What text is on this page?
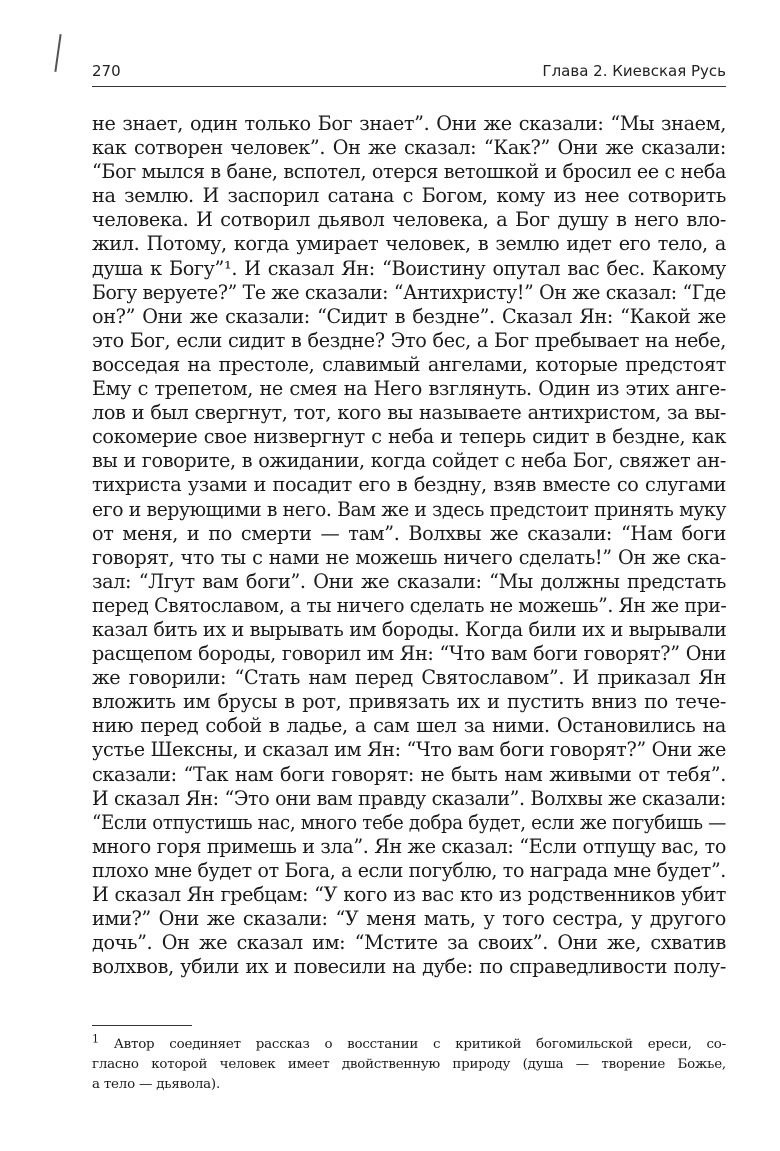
270	Глава 2. Киевская Русь
не знает, один только Бог знает”. Они же сказали: “Мы знаем,
как сотворен человек”. Он же сказал: “Как?” Они же сказали:
“Бог мылся в бане, вспотел, отерся ветошкой и бросил ее с неба
на землю. И заспорил сатана с Богом, кому из нее сотворить
человека. И сотворил дьявол человека, а Бог душу в него вло-
жил. Потому, когда умирает человек, в землю идет его тело, а
душа к Богу”¹. И сказал Ян: “Воистину опутал вас бес. Какому
Богу веруете?” Те же сказали: “Антихристу!” Он же сказал: “Где
он?” Они же сказали: “Сидит в бездне”. Сказал Ян: “Какой же
это Бог, если сидит в бездне? Это бес, а Бог пребывает на небе,
восседая на престоле, славимый ангелами, которые предстоят
Ему с трепетом, не смея на Него взглянуть. Один из этих анге-
лов и был свергнут, тот, кого вы называете антихристом, за вы-
сокомерие свое низвергнут с неба и теперь сидит в бездне, как
вы и говорите, в ожидании, когда сойдет с неба Бог, свяжет ан-
тихриста узами и посадит его в бездну, взяв вместе со слугами
его и верующими в него. Вам же и здесь предстоит принять муку
от меня, и по смерти — там”. Волхвы же сказали: “Нам боги
говорят, что ты с нами не можешь ничего сделать!” Он же ска-
зал: “Лгут вам боги”. Они же сказали: “Мы должны предстать
перед Святославом, а ты ничего сделать не можешь”. Ян же при-
казал бить их и вырывать им бороды. Когда били их и вырывали
расщепом бороды, говорил им Ян: “Что вам боги говорят?” Они
же говорили: “Стать нам перед Святославом”. И приказал Ян
вложить им брусы в рот, привязать их и пустить вниз по тече-
нию перед собой в ладье, а сам шел за ними. Остановились на
устье Шексны, и сказал им Ян: “Что вам боги говорят?” Они же
сказали: “Так нам боги говорят: не быть нам живыми от тебя”.
И сказал Ян: “Это они вам правду сказали”. Волхвы же сказали:
“Если отпустишь нас, много тебе добра будет, если же погубишь —
много горя примешь и зла”. Ян же сказал: “Если отпущу вас, то
плохо мне будет от Бога, а если погублю, то награда мне будет”.
И сказал Ян гребцам: “У кого из вас кто из родственников убит
ими?” Они же сказали: “У меня мать, у того сестра, у другого
дочь”. Он же сказал им: “Мстите за своих”. Они же, схватив
волхвов, убили их и повесили на дубе: по справедливости полу-
$^1$ Автор соединяет рассказ о восстании с критикой богомильской ереси, со-
гласно которой человек имеет двойственную природу (душа — творение Божье,
а тело — дьявола).
